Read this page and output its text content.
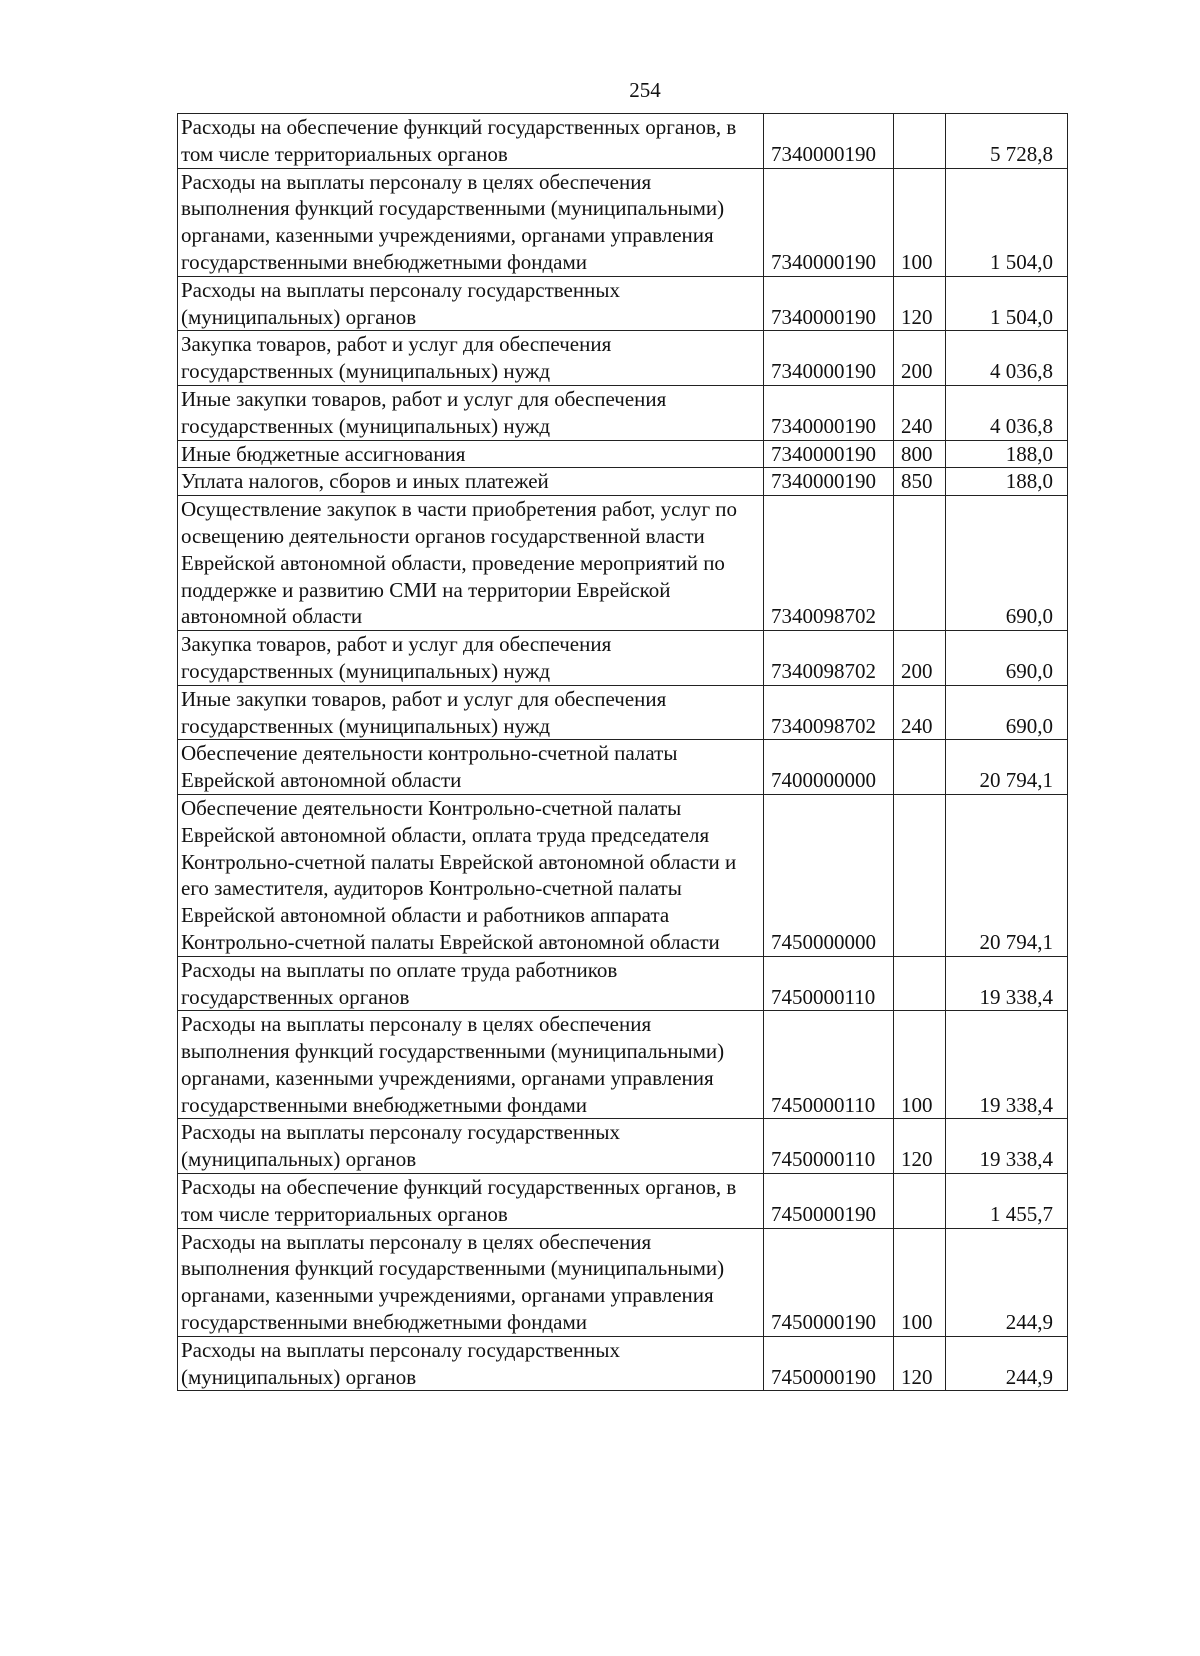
254
Расходы на обеспечение функций государственных органов, в том числе территориальных органов	7340000190		5 728,8
Расходы на выплаты персоналу в целях обеспечения выполнения функций государственными (муниципальными) органами, казенными учреждениями, органами управления государственными внебюджетными фондами	7340000190	100	1 504,0
Расходы на выплаты персоналу государственных (муниципальных) органов	7340000190	120	1 504,0
Закупка товаров, работ и услуг для обеспечения государственных (муниципальных) нужд	7340000190	200	4 036,8
Иные закупки товаров, работ и услуг для обеспечения государственных (муниципальных) нужд	7340000190	240	4 036,8
Иные бюджетные ассигнования	7340000190	800	188,0
Уплата налогов, сборов и иных платежей	7340000190	850	188,0
Осуществление закупок в части приобретения работ, услуг по освещению деятельности органов государственной власти Еврейской автономной области, проведение мероприятий по поддержке и развитию СМИ на территории Еврейской автономной области	7340098702		690,0
Закупка товаров, работ и услуг для обеспечения государственных (муниципальных) нужд	7340098702	200	690,0
Иные закупки товаров, работ и услуг для обеспечения государственных (муниципальных) нужд	7340098702	240	690,0
Обеспечение деятельности контрольно-счетной палаты Еврейской автономной области	7400000000		20 794,1
Обеспечение деятельности Контрольно-счетной палаты Еврейской автономной области, оплата труда председателя Контрольно-счетной палаты Еврейской автономной области и его заместителя, аудиторов Контрольно-счетной палаты Еврейской автономной области и работников аппарата Контрольно-счетной палаты Еврейской автономной области	7450000000		20 794,1
Расходы на выплаты по оплате труда работников государственных органов	7450000110		19 338,4
Расходы на выплаты персоналу в целях обеспечения выполнения функций государственными (муниципальными) органами, казенными учреждениями, органами управления государственными внебюджетными фондами	7450000110	100	19 338,4
Расходы на выплаты персоналу государственных (муниципальных) органов	7450000110	120	19 338,4
Расходы на обеспечение функций государственных органов, в том числе территориальных органов	7450000190		1 455,7
Расходы на выплаты персоналу в целях обеспечения выполнения функций государственными (муниципальными) органами, казенными учреждениями, органами управления государственными внебюджетными фондами	7450000190	100	244,9
Расходы на выплаты персоналу государственных (муниципальных) органов	7450000190	120	244,9
